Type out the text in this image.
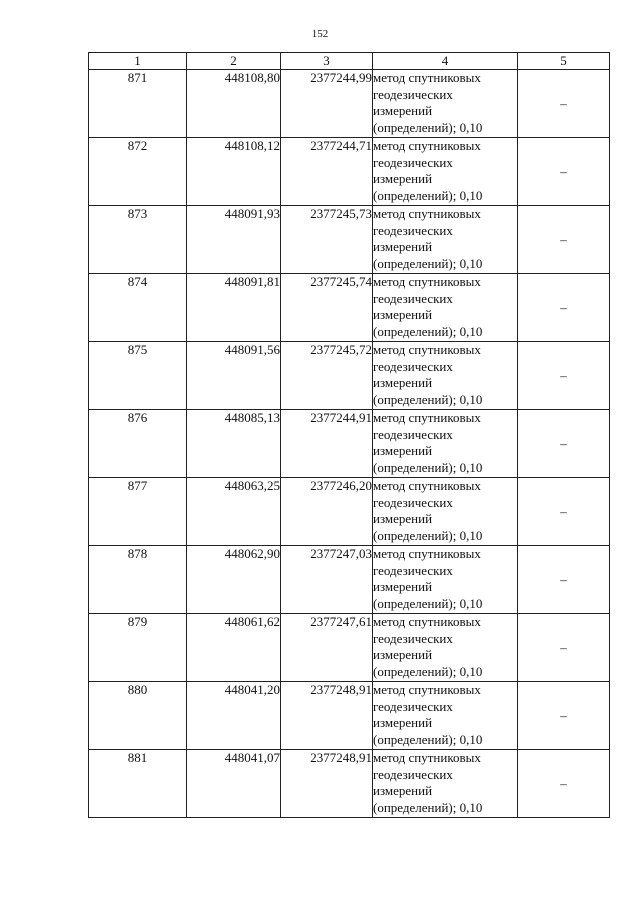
152
1	2	3	4	5
871	448108,80	2377244,99	метод спутниковых
геодезических
измерений
(определений); 0,10	–
872	448108,12	2377244,71	метод спутниковых
геодезических
измерений
(определений); 0,10	–
873	448091,93	2377245,73	метод спутниковых
геодезических
измерений
(определений); 0,10	–
874	448091,81	2377245,74	метод спутниковых
геодезических
измерений
(определений); 0,10	–
875	448091,56	2377245,72	метод спутниковых
геодезических
измерений
(определений); 0,10	–
876	448085,13	2377244,91	метод спутниковых
геодезических
измерений
(определений); 0,10	–
877	448063,25	2377246,20	метод спутниковых
геодезических
измерений
(определений); 0,10	–
878	448062,90	2377247,03	метод спутниковых
геодезических
измерений
(определений); 0,10	–
879	448061,62	2377247,61	метод спутниковых
геодезических
измерений
(определений); 0,10	–
880	448041,20	2377248,91	метод спутниковых
геодезических
измерений
(определений); 0,10	–
881	448041,07	2377248,91	метод спутниковых
геодезических
измерений
(определений); 0,10	–
